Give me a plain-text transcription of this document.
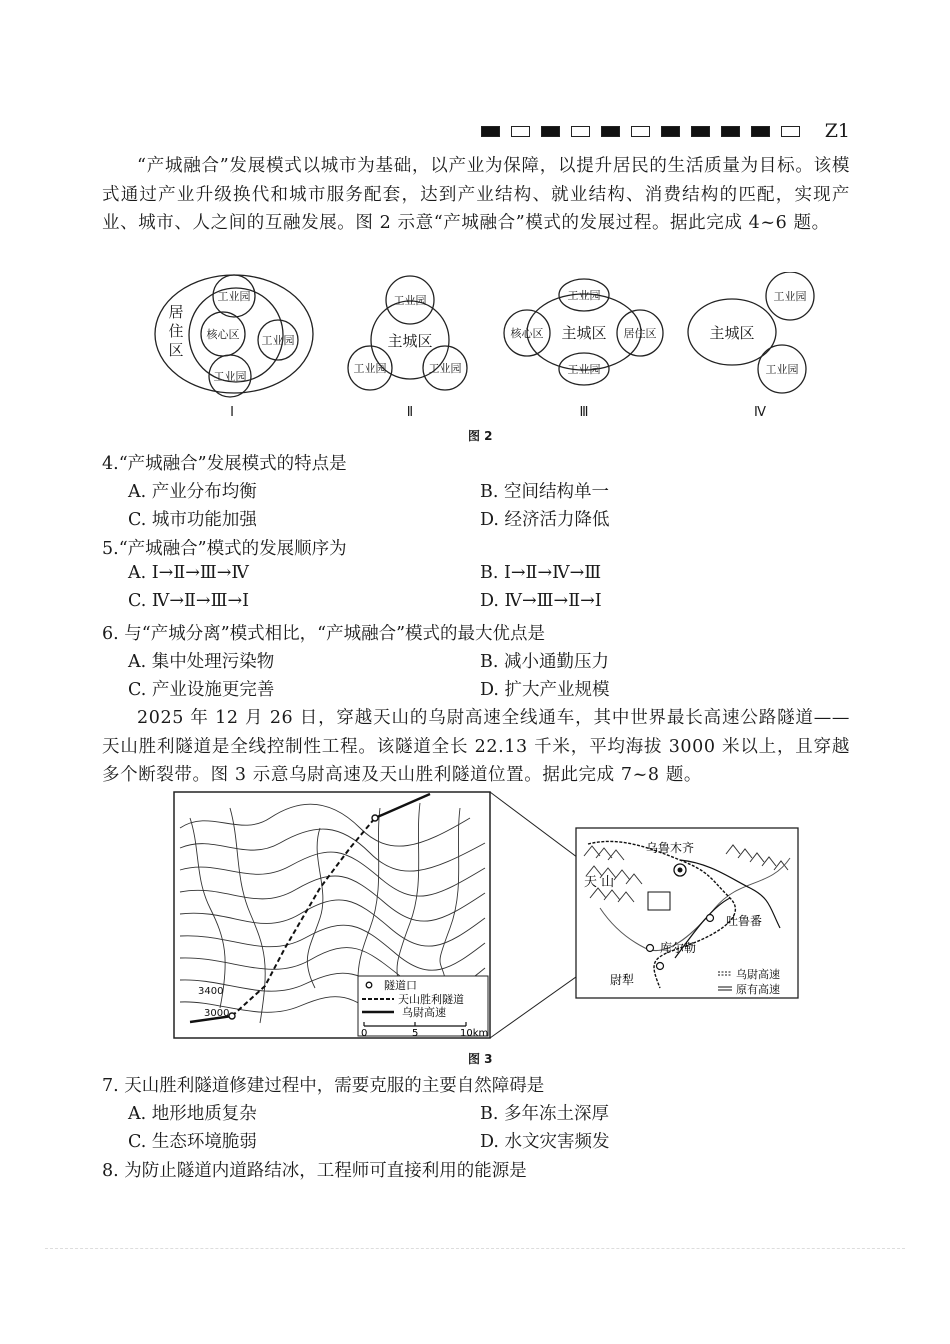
Z1
“产城融合”发展模式以城市为基础，以产业为保障，以提升居民的生活质量为目标。该模式通过产业升级换代和城市服务配套，达到产业结构、就业结构、消费结构的匹配，实现产业、城市、人之间的互融发展。图 2 示意“产城融合”模式的发展过程。据此完成 4~6 题。
工业园
核心区 工业园
工业园
居
住
区
工业园
主城区
工业园	工业园
工业园
主城区
工业园
核心区	居住区	主城区
工业园
工业园
Ⅰ	Ⅱ	Ⅲ	Ⅳ
图 2
4.“产城融合”发展模式的特点是
A. 产业分布均衡	B. 空间结构单一
C. 城市功能加强	D. 经济活力降低
5.“产城融合”模式的发展顺序为
A. Ⅰ→Ⅱ→Ⅲ→Ⅳ	B. Ⅰ→Ⅱ→Ⅳ→Ⅲ
C. Ⅳ→Ⅱ→Ⅲ→Ⅰ	D. Ⅳ→Ⅲ→Ⅱ→Ⅰ
6. 与“产城分离”模式相比，“产城融合”模式的最大优点是
A. 集中处理污染物	B. 减小通勤压力
C. 产业设施更完善	D. 扩大产业规模
2025 年 12 月 26 日，穿越天山的乌尉高速全线通车，其中世界最长高速公路隧道——天山胜利隧道是全线控制性工程。该隧道全长 22.13 千米，平均海拔 3000 米以上，且穿越多个断裂带。图 3 示意乌尉高速及天山胜利隧道位置。据此完成 7~8 题。
3400
3000
隧道口
天山胜利隧道
乌尉高速
0	5	10km
乌鲁木齐
天 山
吐鲁番
库尔勒
尉犁	乌尉高速
原有高速
图 3
7. 天山胜利隧道修建过程中，需要克服的主要自然障碍是
A. 地形地质复杂	B. 多年冻土深厚
C. 生态环境脆弱	D. 水文灾害频发
8. 为防止隧道内道路结冰，工程师可直接利用的能源是
